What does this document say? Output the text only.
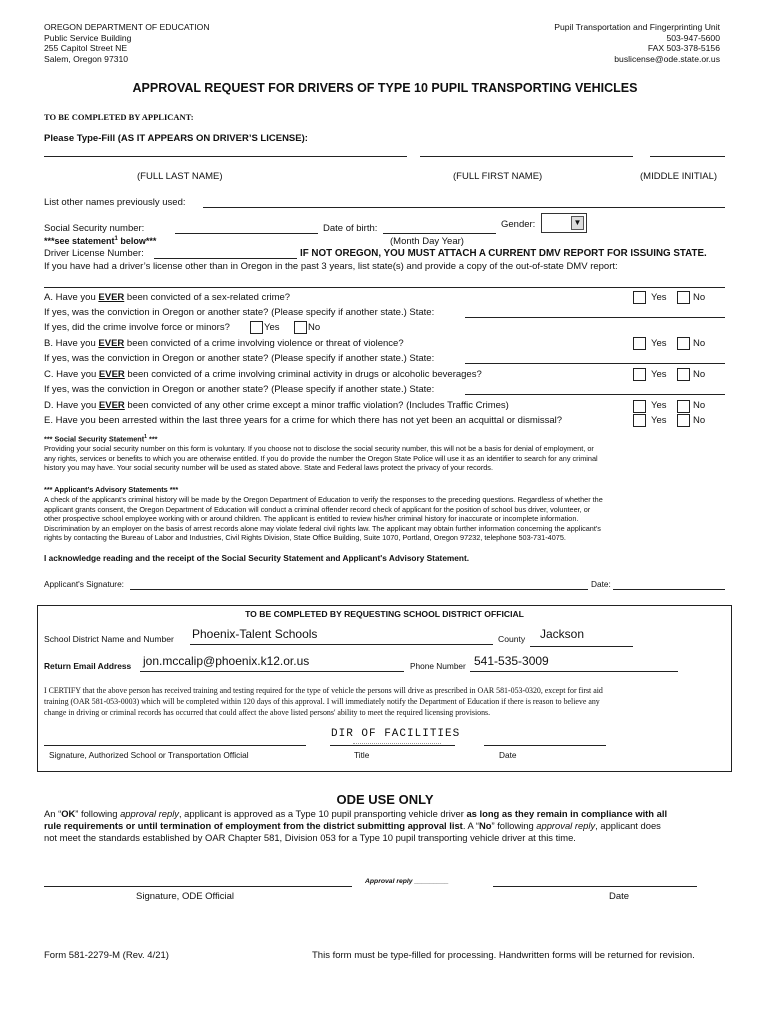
OREGON DEPARTMENT OF EDUCATION
Public Service Building
255 Capitol Street NE
Salem, Oregon 97310
Pupil Transportation and Fingerprinting Unit
503-947-5600
FAX 503-378-5156
buslicense@ode.state.or.us
APPROVAL REQUEST FOR DRIVERS OF TYPE 10 PUPIL TRANSPORTING VEHICLES
TO BE COMPLETED BY APPLICANT:
Please Type-Fill (AS IT APPEARS ON DRIVER’S LICENSE):
(FULL LAST NAME)	(FULL FIRST NAME)	(MIDDLE INITIAL)
List other names previously used:
Social Security number:
***see statement$^1$ below***
Date of birth:
(Month Day Year)
Gender:	▼
Driver License Number:	IF NOT OREGON, YOU MUST ATTACH A CURRENT DMV REPORT FOR ISSUING STATE.
If you have had a driver’s license other than in Oregon in the past 3 years, list state(s) and provide a copy of the out-of-state DMV report:
A. Have you EVER been convicted of a sex-related crime?	Yes	No
If yes, was the conviction in Oregon or another state? (Please specify if another state.) State:
If yes, did the crime involve force or minors?	Yes	No
B. Have you EVER been convicted of a crime involving violence or threat of violence?	Yes	No
If yes, was the conviction in Oregon or another state? (Please specify if another state.) State:
C. Have you EVER been convicted of a crime involving criminal activity in drugs or alcoholic beverages?	Yes	No
If yes, was the conviction in Oregon or another state? (Please specify if another state.) State:
D. Have you EVER been convicted of any other crime except a minor traffic violation? (Includes Traffic Crimes)	Yes	No
E. Have you been arrested within the last three years for a crime for which there has not yet been an acquittal or dismissal?	Yes	No
*** Social Security Statement$^1$ ***
Providing your social security number on this form is voluntary. If you choose not to disclose the social security number, this will not be a basis for denial of employment, or
any rights, services or benefits to which you are otherwise entitled. If you do provide the number the Oregon State Police will use it as an identifier to search for any criminal
history you may have. Your social security number will be used as stated above. State and Federal laws protect the privacy of your records.
*** Applicant’s Advisory Statements ***
A check of the applicant’s criminal history will be made by the Oregon Department of Education to verify the responses to the preceding questions. Regardless of whether the
applicant grants consent, the Oregon Department of Education will conduct a criminal offender record check of applicant for the position of school bus driver, volunteer, or
other prospective school employee working with or around children. The applicant is entitled to review his/her criminal history for inaccurate or incomplete information.
Discrimination by an employer on the basis of arrest records alone may violate federal civil rights law. The applicant may obtain further information concerning the applicant's
rights by contacting the Bureau of Labor and Industries, Civil Rights Division, State Office Building, Suite 1070, Portland, Oregon 97232, telephone 503-731-4075.
I acknowledge reading and the receipt of the Social Security Statement and Applicant's Advisory Statement.
Applicant's Signature:	Date:
TO BE COMPLETED BY REQUESTING SCHOOL DISTRICT OFFICIAL
School District Name and Number Phoenix-Talent Schools	County Jackson
Return Email Address jon.mccalip@phoenix.k12.or.us	Phone Number 541-535-3009
I CERTIFY that the above person has received training and testing required for the type of vehicle the persons will drive as prescribed in OAR 581-053-0320, except for first aid
training (OAR 581-053-0003) which will be completed within 120 days of this approval. I will immediately notify the Department of Education if there is reason to believe any
change in driving or criminal records has occurred that could affect the above listed persons' ability to meet the required licensing provisions.
DIR OF FACILITIES
Signature, Authorized School or Transportation Official	Title	Date
ODE USE ONLY
An “OK” following approval reply, applicant is approved as a Type 10 pupil pransporting vehicle driver as long as they remain in compliance with all
rule requirements or until termination of employment from the district submitting approval list. A “No” following approval reply, applicant does
not meet the standards established by OAR Chapter 581, Division 053 for a Type 10 pupil transporting vehicle driver at this time.
Approval reply _________
Signature, ODE Official	Date
Form 581-2279-M (Rev. 4/21)	This form must be type-filled for processing. Handwritten forms will be returned for revision.
